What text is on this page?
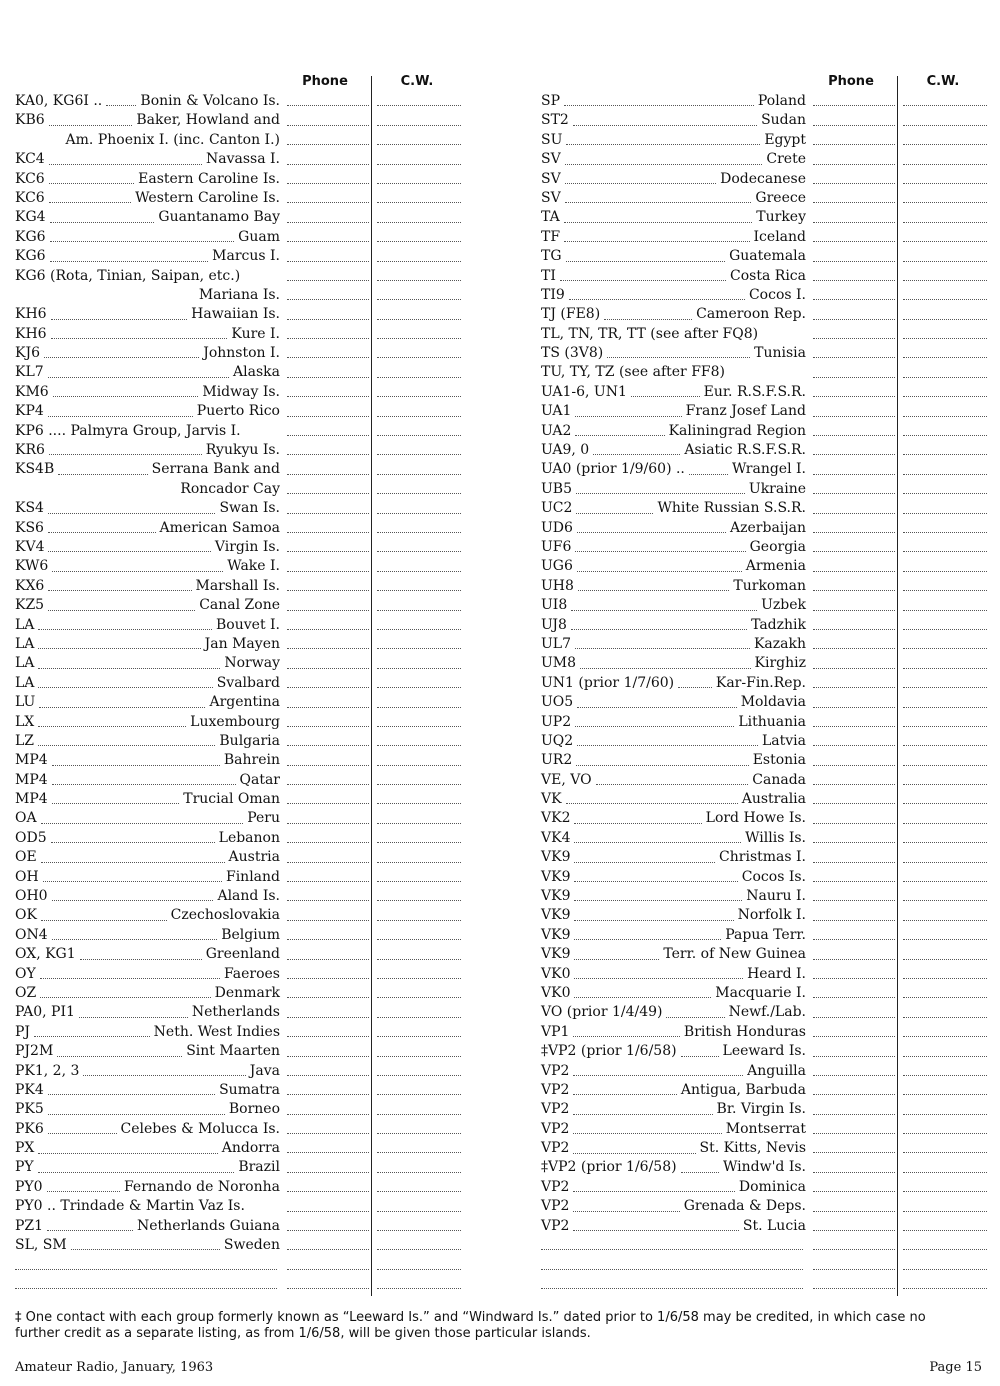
Phone	C.W.
KA0, KG6I ..	Bonin & Volcano Is.
KB6	Baker, Howland and
Am. Phoenix I. (inc. Canton I.)
KC4	Navassa I.
KC6	Eastern Caroline Is.
KC6	Western Caroline Is.
KG4	Guantanamo Bay
KG6	Guam
KG6	Marcus I.
KG6 (Rota, Tinian, Saipan, etc.)
Mariana Is.
KH6	Hawaiian Is.
KH6	Kure I.
KJ6	Johnston I.
KL7	Alaska
KM6	Midway Is.
KP4	Puerto Rico
KP6 .... Palmyra Group, Jarvis I.
KR6	Ryukyu Is.
KS4B	Serrana Bank and
Roncador Cay
KS4	Swan Is.
KS6	American Samoa
KV4	Virgin Is.
KW6	Wake I.
KX6	Marshall Is.
KZ5	Canal Zone
LA	Bouvet I.
LA	Jan Mayen
LA	Norway
LA	Svalbard
LU	Argentina
LX	Luxembourg
LZ	Bulgaria
MP4	Bahrein
MP4	Qatar
MP4	Trucial Oman
OA	Peru
OD5	Lebanon
OE	Austria
OH	Finland
OH0	Aland Is.
OK	Czechoslovakia
ON4	Belgium
OX, KG1	Greenland
OY	Faeroes
OZ	Denmark
PA0, PI1	Netherlands
PJ	Neth. West Indies
PJ2M	Sint Maarten
PK1, 2, 3	Java
PK4	Sumatra
PK5	Borneo
PK6	Celebes & Molucca Is.
PX	Andorra
PY	Brazil
PY0	Fernando de Noronha
PY0 .. Trindade & Martin Vaz Is.
PZ1	Netherlands Guiana
SL, SM	Sweden
Phone	C.W.
SP	Poland
ST2	Sudan
SU	Egypt
SV	Crete
SV	Dodecanese
SV	Greece
TA	Turkey
TF	Iceland
TG	Guatemala
TI	Costa Rica
TI9	Cocos I.
TJ (FE8)	Cameroon Rep.
TL, TN, TR, TT (see after FQ8)
TS (3V8)	Tunisia
TU, TY, TZ (see after FF8)
UA1-6, UN1	Eur. R.S.F.S.R.
UA1	Franz Josef Land
UA2	Kaliningrad Region
UA9, 0	Asiatic R.S.F.S.R.
UA0 (prior 1/9/60) ..	Wrangel I.
UB5	Ukraine
UC2	White Russian S.S.R.
UD6	Azerbaijan
UF6	Georgia
UG6	Armenia
UH8	Turkoman
UI8	Uzbek
UJ8	Tadzhik
UL7	Kazakh
UM8	Kirghiz
UN1 (prior 1/7/60)	Kar-Fin.Rep.
UO5	Moldavia
UP2	Lithuania
UQ2	Latvia
UR2	Estonia
VE, VO	Canada
VK	Australia
VK2	Lord Howe Is.
VK4	Willis Is.
VK9	Christmas I.
VK9	Cocos Is.
VK9	Nauru I.
VK9	Norfolk I.
VK9	Papua Terr.
VK9	Terr. of New Guinea
VK0	Heard I.
VK0	Macquarie I.
VO (prior 1/4/49)	Newf./Lab.
VP1	British Honduras
‡VP2 (prior 1/6/58)	Leeward Is.
VP2	Anguilla
VP2	Antigua, Barbuda
VP2	Br. Virgin Is.
VP2	Montserrat
VP2	St. Kitts, Nevis
‡VP2 (prior 1/6/58)	Windw'd Is.
VP2	Dominica
VP2	Grenada & Deps.
VP2	St. Lucia
‡ One contact with each group formerly known as “Leeward Is.” and “Windward Is.” dated prior to 1/6/58 may be credited, in which case no further credit as a separate listing, as from 1/6/58, will be given those particular islands.
Amateur Radio, January, 1963	Page 15
